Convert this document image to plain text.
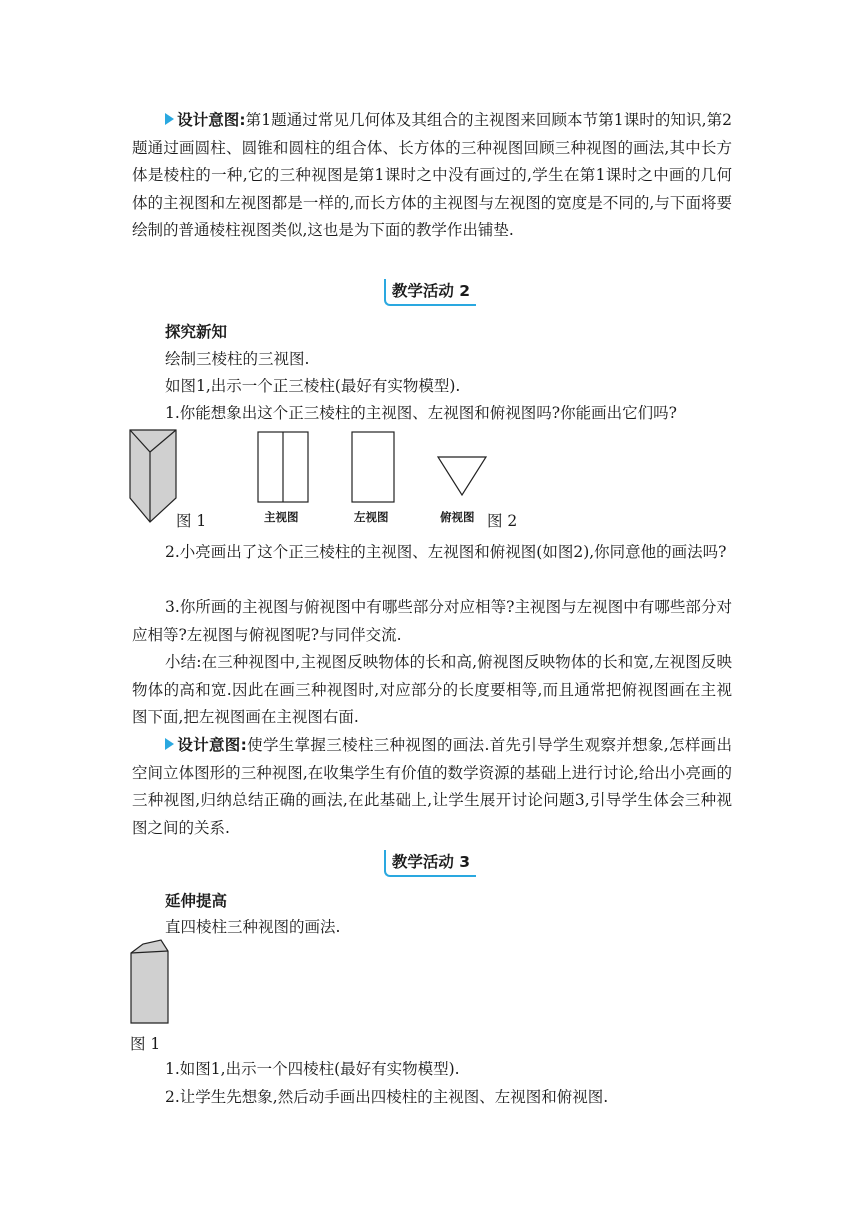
设计意图:第1题通过常见几何体及其组合的主视图来回顾本节第1课时的知识,第2题通过画圆柱、圆锥和圆柱的组合体、长方体的三种视图回顾三种视图的画法,其中长方体是棱柱的一种,它的三种视图是第1课时之中没有画过的,学生在第1课时之中画的几何体的主视图和左视图都是一样的,而长方体的主视图与左视图的宽度是不同的,与下面将要绘制的普通棱柱视图类似,这也是为下面的教学作出铺垫.
教学活动 2
探究新知
绘制三棱柱的三视图.
如图1,出示一个正三棱柱(最好有实物模型).
1.你能想象出这个正三棱柱的主视图、左视图和俯视图吗?你能画出它们吗?
图 1	主视图	左视图	俯视图 图 2
2.小亮画出了这个正三棱柱的主视图、左视图和俯视图(如图2),你同意他的画法吗?
3.你所画的主视图与俯视图中有哪些部分对应相等?主视图与左视图中有哪些部分对应相等?左视图与俯视图呢?与同伴交流.
小结:在三种视图中,主视图反映物体的长和高,俯视图反映物体的长和宽,左视图反映物体的高和宽.因此在画三种视图时,对应部分的长度要相等,而且通常把俯视图画在主视图下面,把左视图画在主视图右面.
设计意图:使学生掌握三棱柱三种视图的画法.首先引导学生观察并想象,怎样画出空间立体图形的三种视图,在收集学生有价值的数学资源的基础上进行讨论,给出小亮画的三种视图,归纳总结正确的画法,在此基础上,让学生展开讨论问题3,引导学生体会三种视图之间的关系.
教学活动 3
延伸提高
直四棱柱三种视图的画法.
图 1
1.如图1,出示一个四棱柱(最好有实物模型).
2.让学生先想象,然后动手画出四棱柱的主视图、左视图和俯视图.
